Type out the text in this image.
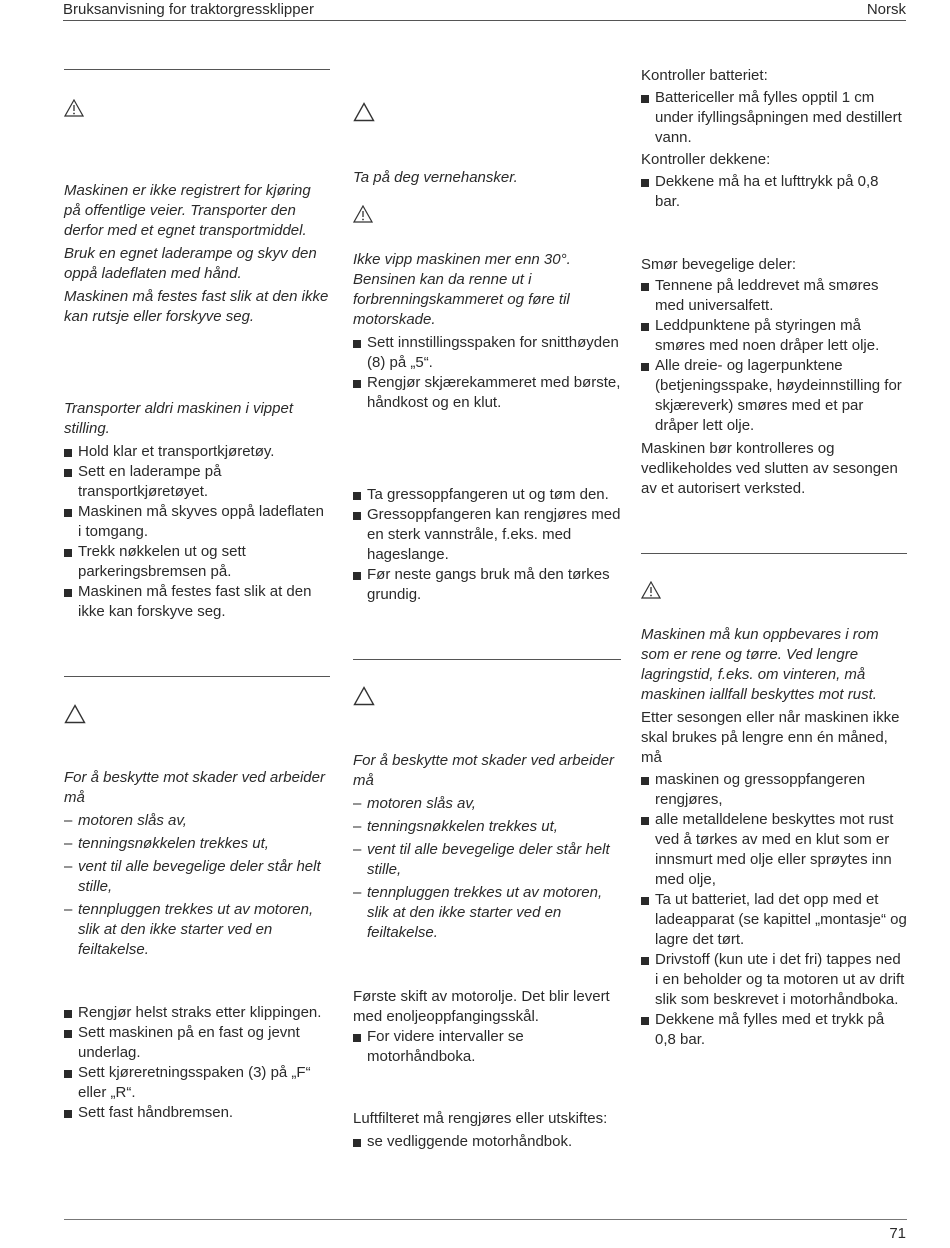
Bruksanvisning for traktorgressklipper	Norsk

Maskinen er ikke registrert for kjøring på offentlige veier. Transporter den derfor med et egnet transportmiddel.

Bruk en egnet laderampe og skyv den oppå ladeflaten med hånd.

Maskinen må festes fast slik at den ikke kan rutsje eller forskyve seg.

Transporter aldri maskinen i vippet stilling.
Hold klar et transportkjøretøy.
Sett en laderampe på transportkjøretøyet.
Maskinen må skyves oppå ladeflaten i tomgang.
Trekk nøkkelen ut og sett parkeringsbremsen på.
Maskinen må festes fast slik at den ikke kan forskyve seg.

For å beskytte mot skader ved arbeider må

– motoren slås av,
– tenningsnøkkelen trekkes ut,
– vent til alle bevegelige deler står helt stille,
– tennpluggen trekkes ut av motoren, slik at den ikke starter ved en feiltakelse.
Rengjør helst straks etter klippingen.
Sett maskinen på en fast og jevnt underlag.
Sett kjøreretningsspaken (3) på „F“ eller „R“.
Sett fast håndbremsen.
Ta på deg vernehansker.
Ikke vipp maskinen mer enn 30°. Bensinen kan da renne ut i forbrenningskammeret og føre til motorskade.
Sett innstillingsspaken for snitthøyden (8) på „5“.
Rengjør skjærekammeret med børste, håndkost og en klut.
Ta gressoppfangeren ut og tøm den.
Gressoppfangeren kan rengjøres med en sterk vannstråle, f.eks. med hageslange.
Før neste gangs bruk må den tørkes grundig.

For å beskytte mot skader ved arbeider må

– motoren slås av,
– tenningsnøkkelen trekkes ut,
– vent til alle bevegelige deler står helt stille,
– tennpluggen trekkes ut av motoren, slik at den ikke starter ved en feiltakelse.

Første skift av motorolje. Det blir levert med enoljeoppfangingsskål.

For videre intervaller se motorhåndboka.

Luftfilteret må rengjøres eller utskiftes:

se vedliggende motorhåndbok.

Kontroller batteriet:

Battericeller må fylles opptil 1 cm under ifyllingsåpningen med destillert vann.

Kontroller dekkene:

Dekkene må ha et lufttrykk på 0,8 bar.

Smør bevegelige deler:

Tennene på leddrevet må smøres med universalfett.
Leddpunktene på styringen må smøres med noen dråper lett olje.
Alle dreie- og lagerpunktene (betjeningsspake, høydeinnstilling for skjæreverk) smøres med et par dråper lett olje.

Maskinen bør kontrolleres og vedlikeholdes ved slutten av sesongen av et autorisert verksted.

Maskinen må kun oppbevares i rom som er rene og tørre. Ved lengre lagringstid, f.eks. om vinteren, må maskinen iallfall beskyttes mot rust.

Etter sesongen eller når maskinen ikke skal brukes på lengre enn én måned, må

maskinen og gressoppfangeren rengjøres,
alle metalldelene beskyttes mot rust ved å tørkes av med en klut som er innsmurt med olje eller sprøytes inn med olje,
Ta ut batteriet, lad det opp med et ladeapparat (se kapittel „montasje“ og lagre det tørt.
Drivstoff (kun ute i det fri) tappes ned i en beholder og ta motoren ut av drift slik som beskrevet i motorhåndboka.
Dekkene må fylles med et trykk på 0,8 bar.
71
